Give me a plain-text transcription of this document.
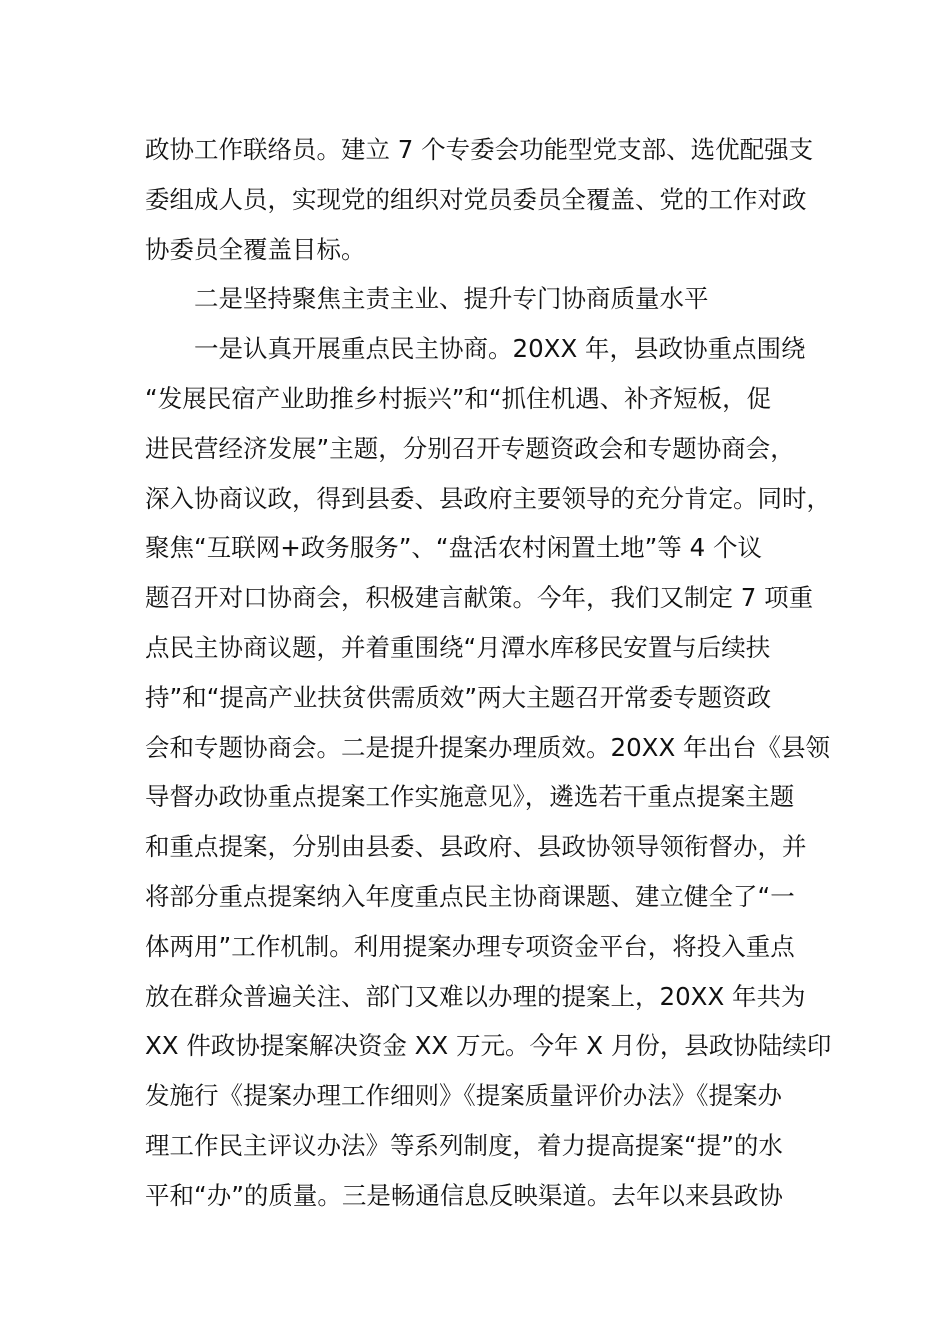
政协工作联络员。建立 7 个专委会功能型党支部、选优配强支
委组成人员，实现党的组织对党员委员全覆盖、党的工作对政
协委员全覆盖目标。
二是坚持聚焦主责主业、提升专门协商质量水平
一是认真开展重点民主协商。20XX 年，县政协重点围绕
“发展民宿产业助推乡村振兴”和“抓住机遇、补齐短板，促
进民营经济发展”主题，分别召开专题资政会和专题协商会，
深入协商议政，得到县委、县政府主要领导的充分肯定。同时，
聚焦“互联网+政务服务”、“盘活农村闲置土地”等 4 个议
题召开对口协商会，积极建言献策。今年，我们又制定 7 项重
点民主协商议题，并着重围绕“月潭水库移民安置与后续扶
持”和“提高产业扶贫供需质效”两大主题召开常委专题资政
会和专题协商会。二是提升提案办理质效。20XX 年出台《县领
导督办政协重点提案工作实施意见》，遴选若干重点提案主题
和重点提案，分别由县委、县政府、县政协领导领衔督办，并
将部分重点提案纳入年度重点民主协商课题、建立健全了“一
体两用”工作机制。利用提案办理专项资金平台，将投入重点
放在群众普遍关注、部门又难以办理的提案上，20XX 年共为
XX 件政协提案解决资金 XX 万元。今年 X 月份，县政协陆续印
发施行《提案办理工作细则》《提案质量评价办法》《提案办
理工作民主评议办法》等系列制度，着力提高提案“提”的水
平和“办”的质量。三是畅通信息反映渠道。去年以来县政协
